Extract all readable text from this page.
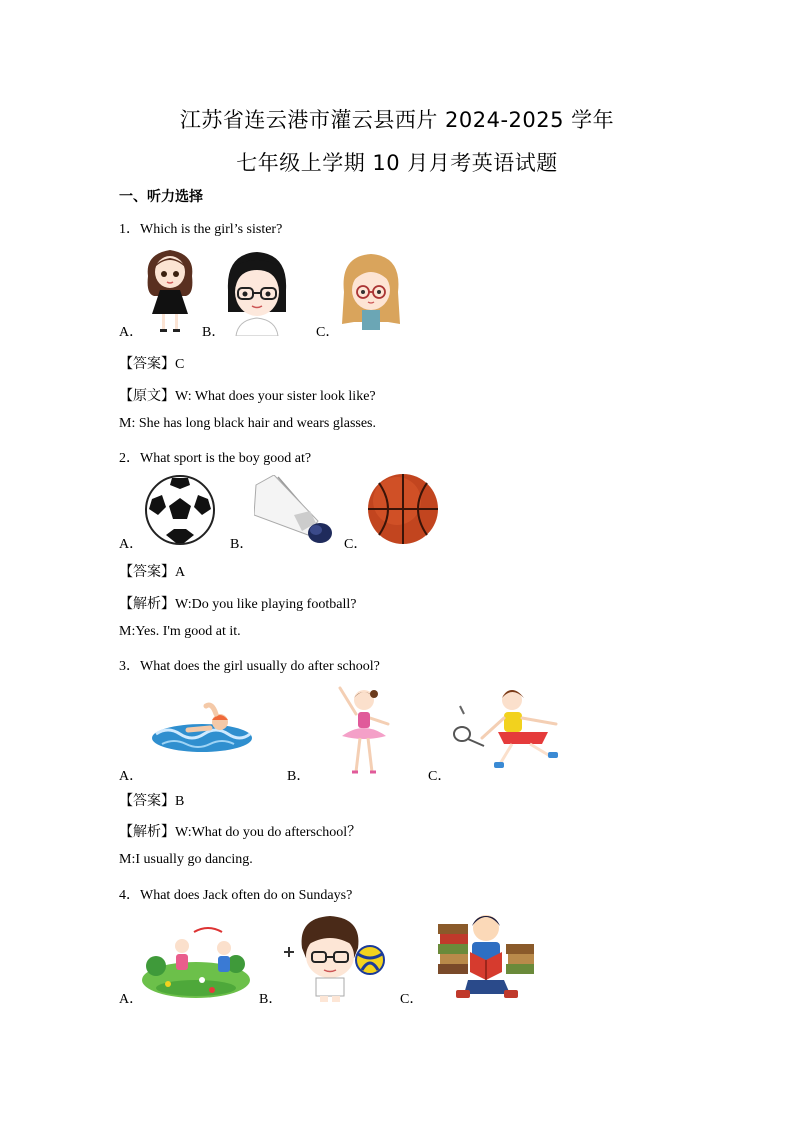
江苏省连云港市灌云县西片 2024-2025 学年
七年级上学期 10 月月考英语试题
一、听力选择
1．Which is the girl’s sister?
A．	B．	C．
【答案】C
【原文】W: What does your sister look like?
M: She has long black hair and wears glasses.
2．What sport is the boy good at?
A．	B．	C．
【答案】A
【解析】W:Do you like playing football?
M:Yes. I'm good at it.
3．What does the girl usually do after school?
A．	B．	C．
【答案】B
【解析】W:What do you do afterschool？
M:I usually go dancing.
4．What does Jack often do on Sundays?
A．	B．	C．
